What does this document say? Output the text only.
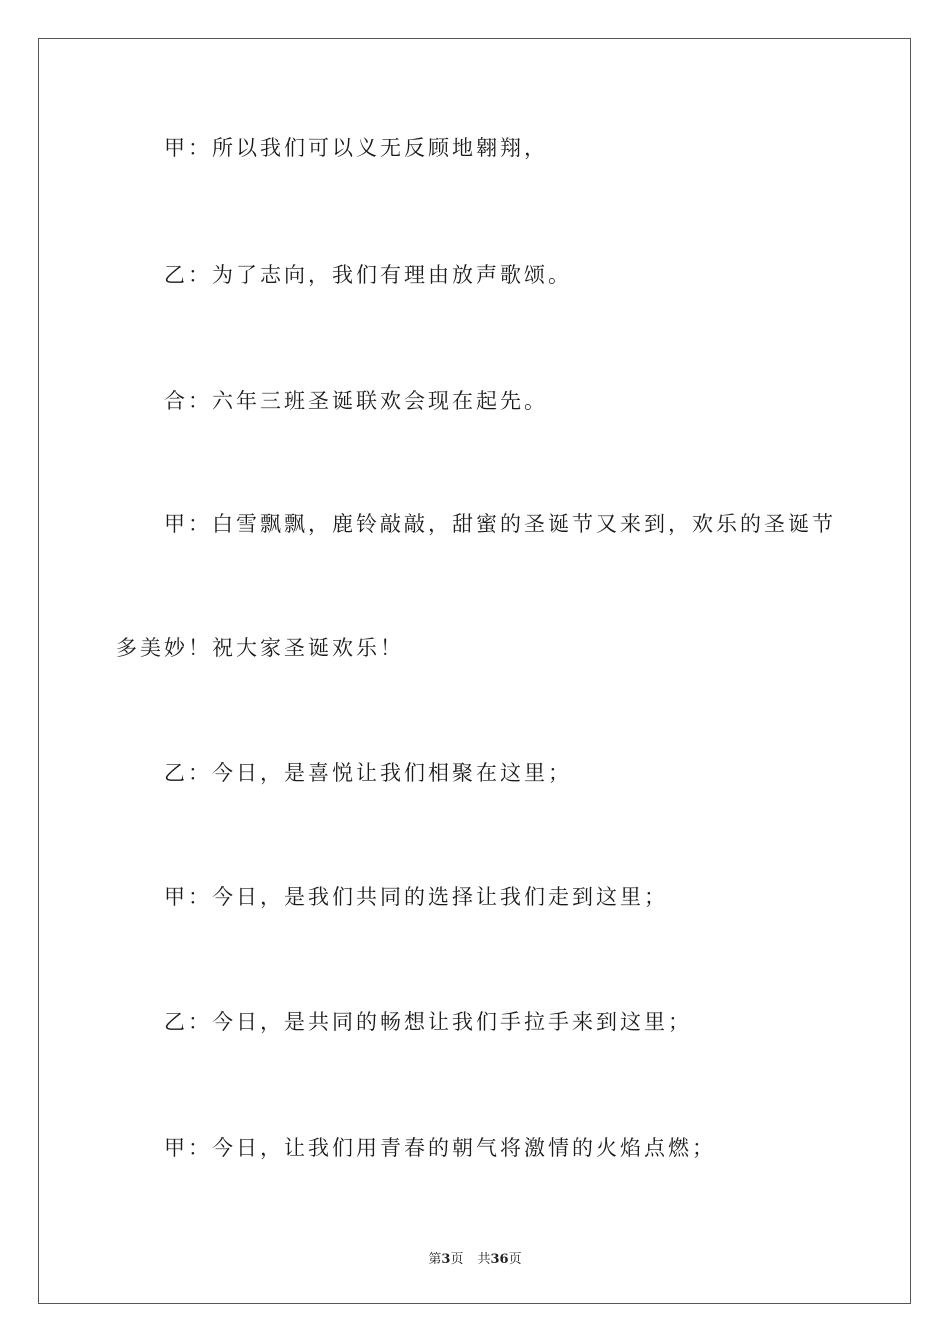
甲：所以我们可以义无反顾地翱翔，
乙：为了志向，我们有理由放声歌颂。
合：六年三班圣诞联欢会现在起先。
甲：白雪飘飘，鹿铃敲敲，甜蜜的圣诞节又来到，欢乐的圣诞节
多美妙！祝大家圣诞欢乐！
乙：今日，是喜悦让我们相聚在这里；
甲：今日，是我们共同的选择让我们走到这里；
乙：今日，是共同的畅想让我们手拉手来到这里；
甲：今日，让我们用青春的朝气将激情的火焰点燃；
第3页 共36页
